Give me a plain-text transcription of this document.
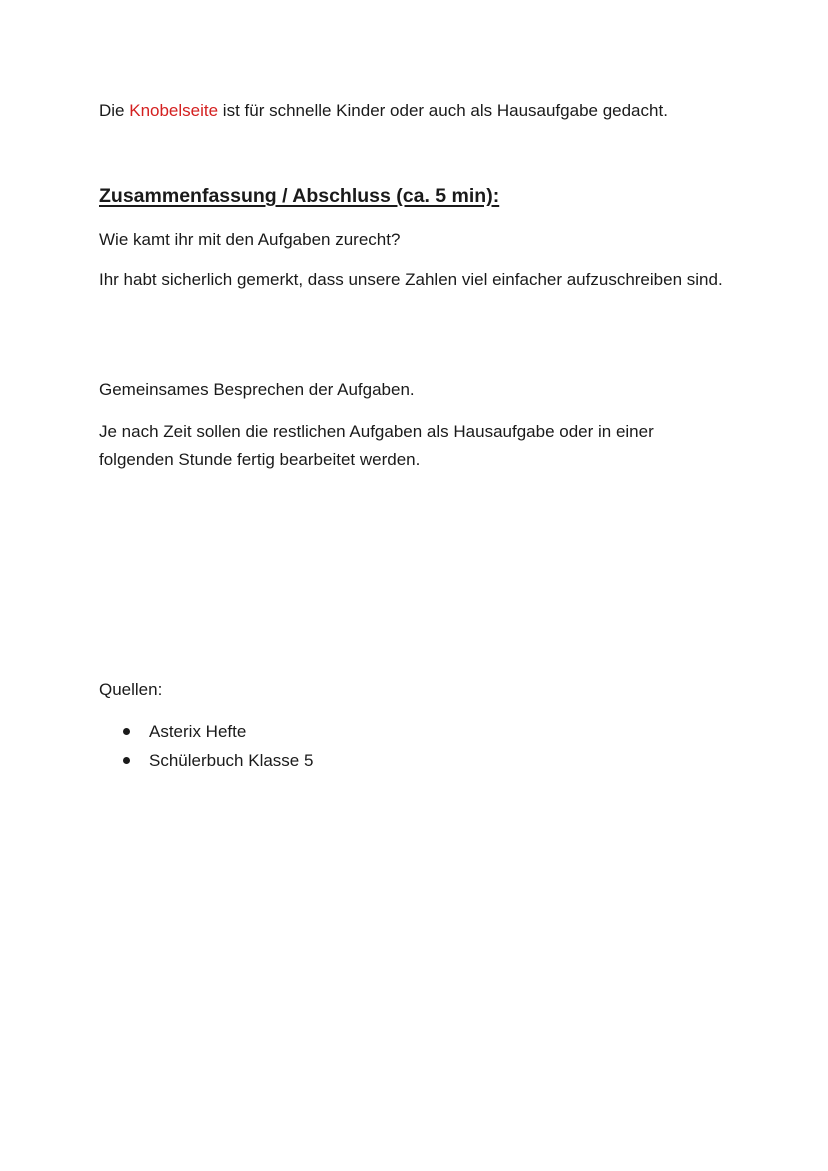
Die Knobelseite ist für schnelle Kinder oder auch als Hausaufgabe gedacht.

Zusammenfassung / Abschluss (ca. 5 min):

Wie kamt ihr mit den Aufgaben zurecht?

Ihr habt sicherlich gemerkt, dass unsere Zahlen viel einfacher aufzuschreiben sind.

Gemeinsames Besprechen der Aufgaben.

Je nach Zeit sollen die restlichen Aufgaben als Hausaufgabe oder in einer folgenden Stunde fertig bearbeitet werden.

Quellen:

Asterix Hefte
Schülerbuch Klasse 5
